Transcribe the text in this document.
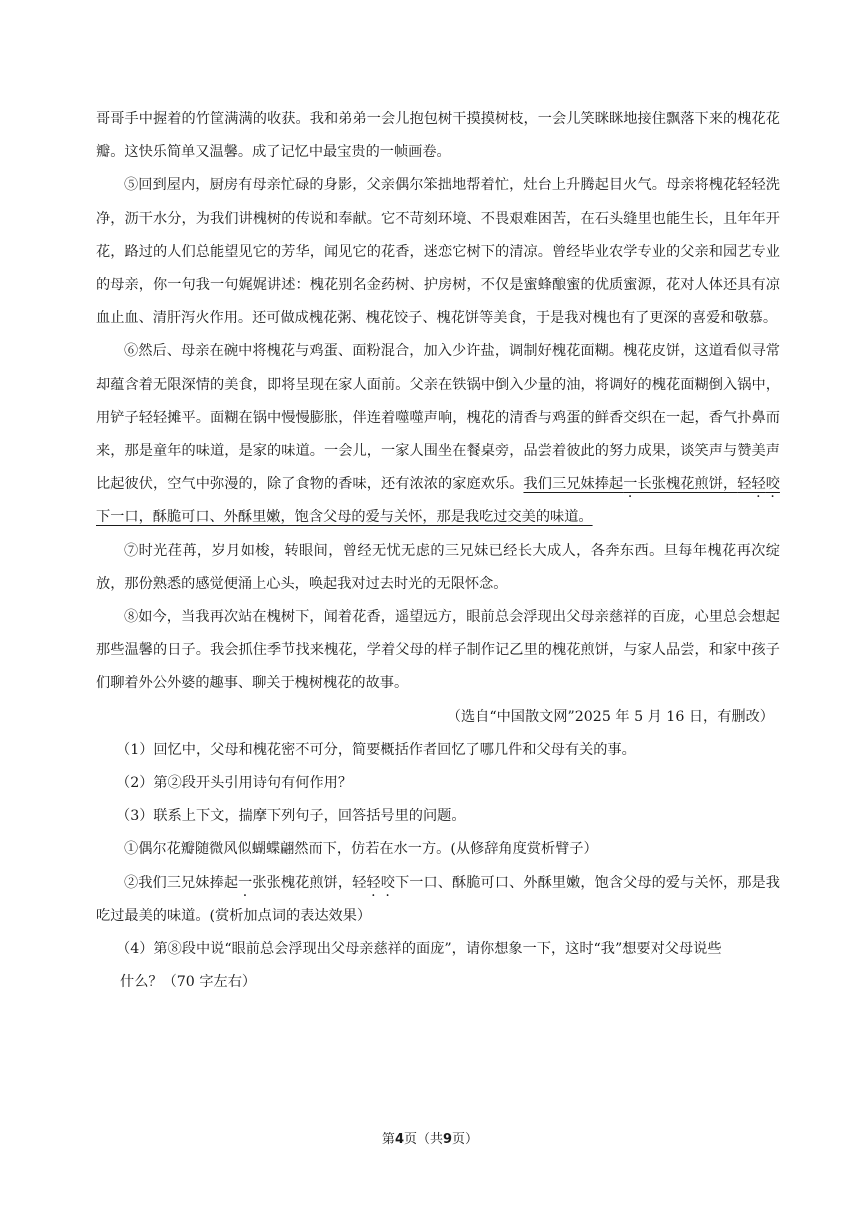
哥哥手中握着的竹筐满满的收获。我和弟弟一会儿抱包树干摸摸树枝，一会儿笑眯眯地接住飘落下来的槐花花瓣。这快乐简单又温馨。成了记忆中最宝贵的一帧画卷。

⑤回到屋内，厨房有母亲忙碌的身影，父亲偶尔笨拙地帮着忙，灶台上升腾起目火气。母亲将槐花轻轻洗净，沥干水分，为我们讲槐树的传说和奉献。它不苛刻环境、不畏艰难困苦，在石头缝里也能生长，且年年开花，路过的人们总能望见它的芳华，闻见它的花香，迷恋它树下的清凉。曾经毕业农学专业的父亲和园艺专业的母亲，你一句我一句娓娓讲述：槐花别名金药树、护房树，不仅是蜜蜂酿蜜的优质蜜源，花对人体还具有凉血止血、清肝泻火作用。还可做成槐花粥、槐花饺子、槐花饼等美食，于是我对槐也有了更深的喜爱和敬慕。

⑥然后、母亲在碗中将槐花与鸡蛋、面粉混合，加入少许盐，调制好槐花面糊。槐花皮饼，这道看似寻常却蕴含着无限深情的美食，即将呈现在家人面前。父亲在铁锅中倒入少量的油，将调好的槐花面糊倒入锅中，用铲子轻轻摊平。面糊在锅中慢慢膨胀，伴连着噬噬声响，槐花的清香与鸡蛋的鲜香交织在一起，香气扑鼻而来，那是童年的味道，是家的味道。一会儿，一家人围坐在餐桌旁，品尝着彼此的努力成果，谈笑声与赞美声比起彼伏，空气中弥漫的，除了食物的香味，还有浓浓的家庭欢乐。我们三兄妹捧起一长张槐花煎饼，轻轻咬下一口，酥脆可口、外酥里嫩，饱含父母的爱与关怀，那是我吃过交美的味道。

⑦时光荏苒，岁月如梭，转眼间，曾经无忧无虑的三兄妹已经长大成人，各奔东西。旦每年槐花再次绽放，那份熟悉的感觉便涌上心头，唤起我对过去时光的无限怀念。

⑧如今，当我再次站在槐树下，闻着花香，遥望远方，眼前总会浮现出父母亲慈祥的百庞，心里总会想起那些温馨的日子。我会抓住季节找来槐花，学着父母的样子制作记乙里的槐花煎饼，与家人品尝，和家中孩子们聊着外公外婆的趣事、聊关于槐树槐花的故事。

（选自“中国散文网”2025 年 5 月 16 日，有删改）

（1）回忆中，父母和槐花密不可分，简要概括作者回忆了哪几件和父母有关的事。

（2）第②段开头引用诗句有何作用？

（3）联系上下文，揣摩下列句子，回答括号里的问题。

①偶尔花瓣随微风似蝴蝶翩然而下，仿若在水一方。(从修辞角度赏析臂子）

②我们三兄妹捧起一张张槐花煎饼，轻轻咬下一口、酥脆可口、外酥里嫩，饱含父母的爱与关怀，那是我吃过最美的味道。(赏析加点词的表达效果）

（4）第⑧段中说“眼前总会浮现出父母亲慈祥的面庞”，请你想象一下，这时“我”想要对父母说些
什么？（70 字左右）

第4页（共9页）
